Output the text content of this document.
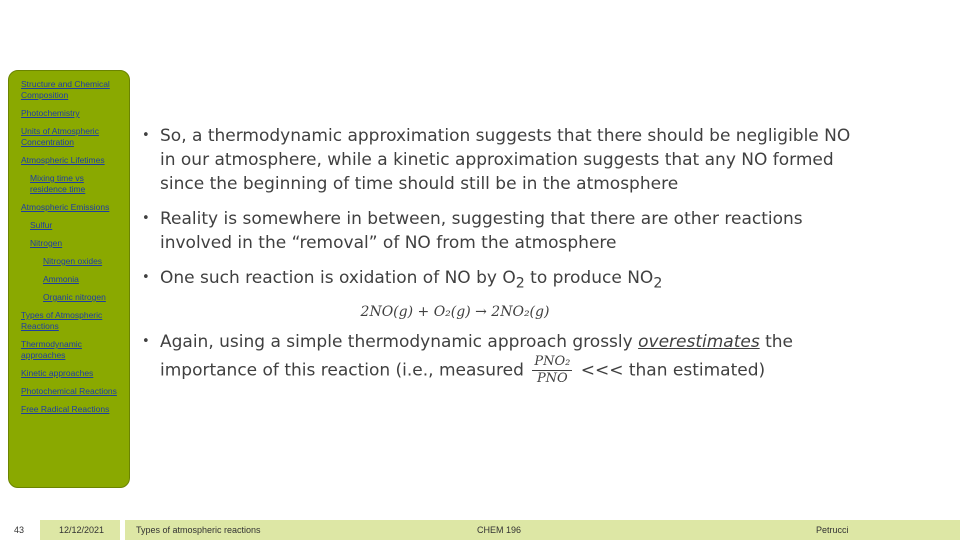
Structure and Chemical Composition
Photochemistry
Units of Atmospheric Concentration
Atmospheric Lifetimes
Mixing time vs residence time
Atmospheric Emissions
Sulfur
Nitrogen
Nitrogen oxides
Ammonia
Organic nitrogen
Types of Atmospheric Reactions
Thermodynamic approaches
Kinetic approaches
Photochemical Reactions
Free Radical Reactions
• So, a thermodynamic approximation suggests that there should be negligible NO in our atmosphere, while a kinetic approximation suggests that any NO formed since the beginning of time should still be in the atmosphere
• Reality is somewhere in between, suggesting that there are other reactions involved in the “removal” of NO from the atmosphere
• One such reaction is oxidation of NO by $O_2$ to produce $NO_2$
2NO(g) + O₂(g) → 2NO₂(g)
• Again, using a simple thermodynamic approach grossly overestimates the importance of this reaction (i.e., measured $\frac{\text{PNO₂}}{\text{PNO}}$ <<< than estimated)
43	12/12/2021	Types of atmospheric reactions	CHEM 196	Petrucci
